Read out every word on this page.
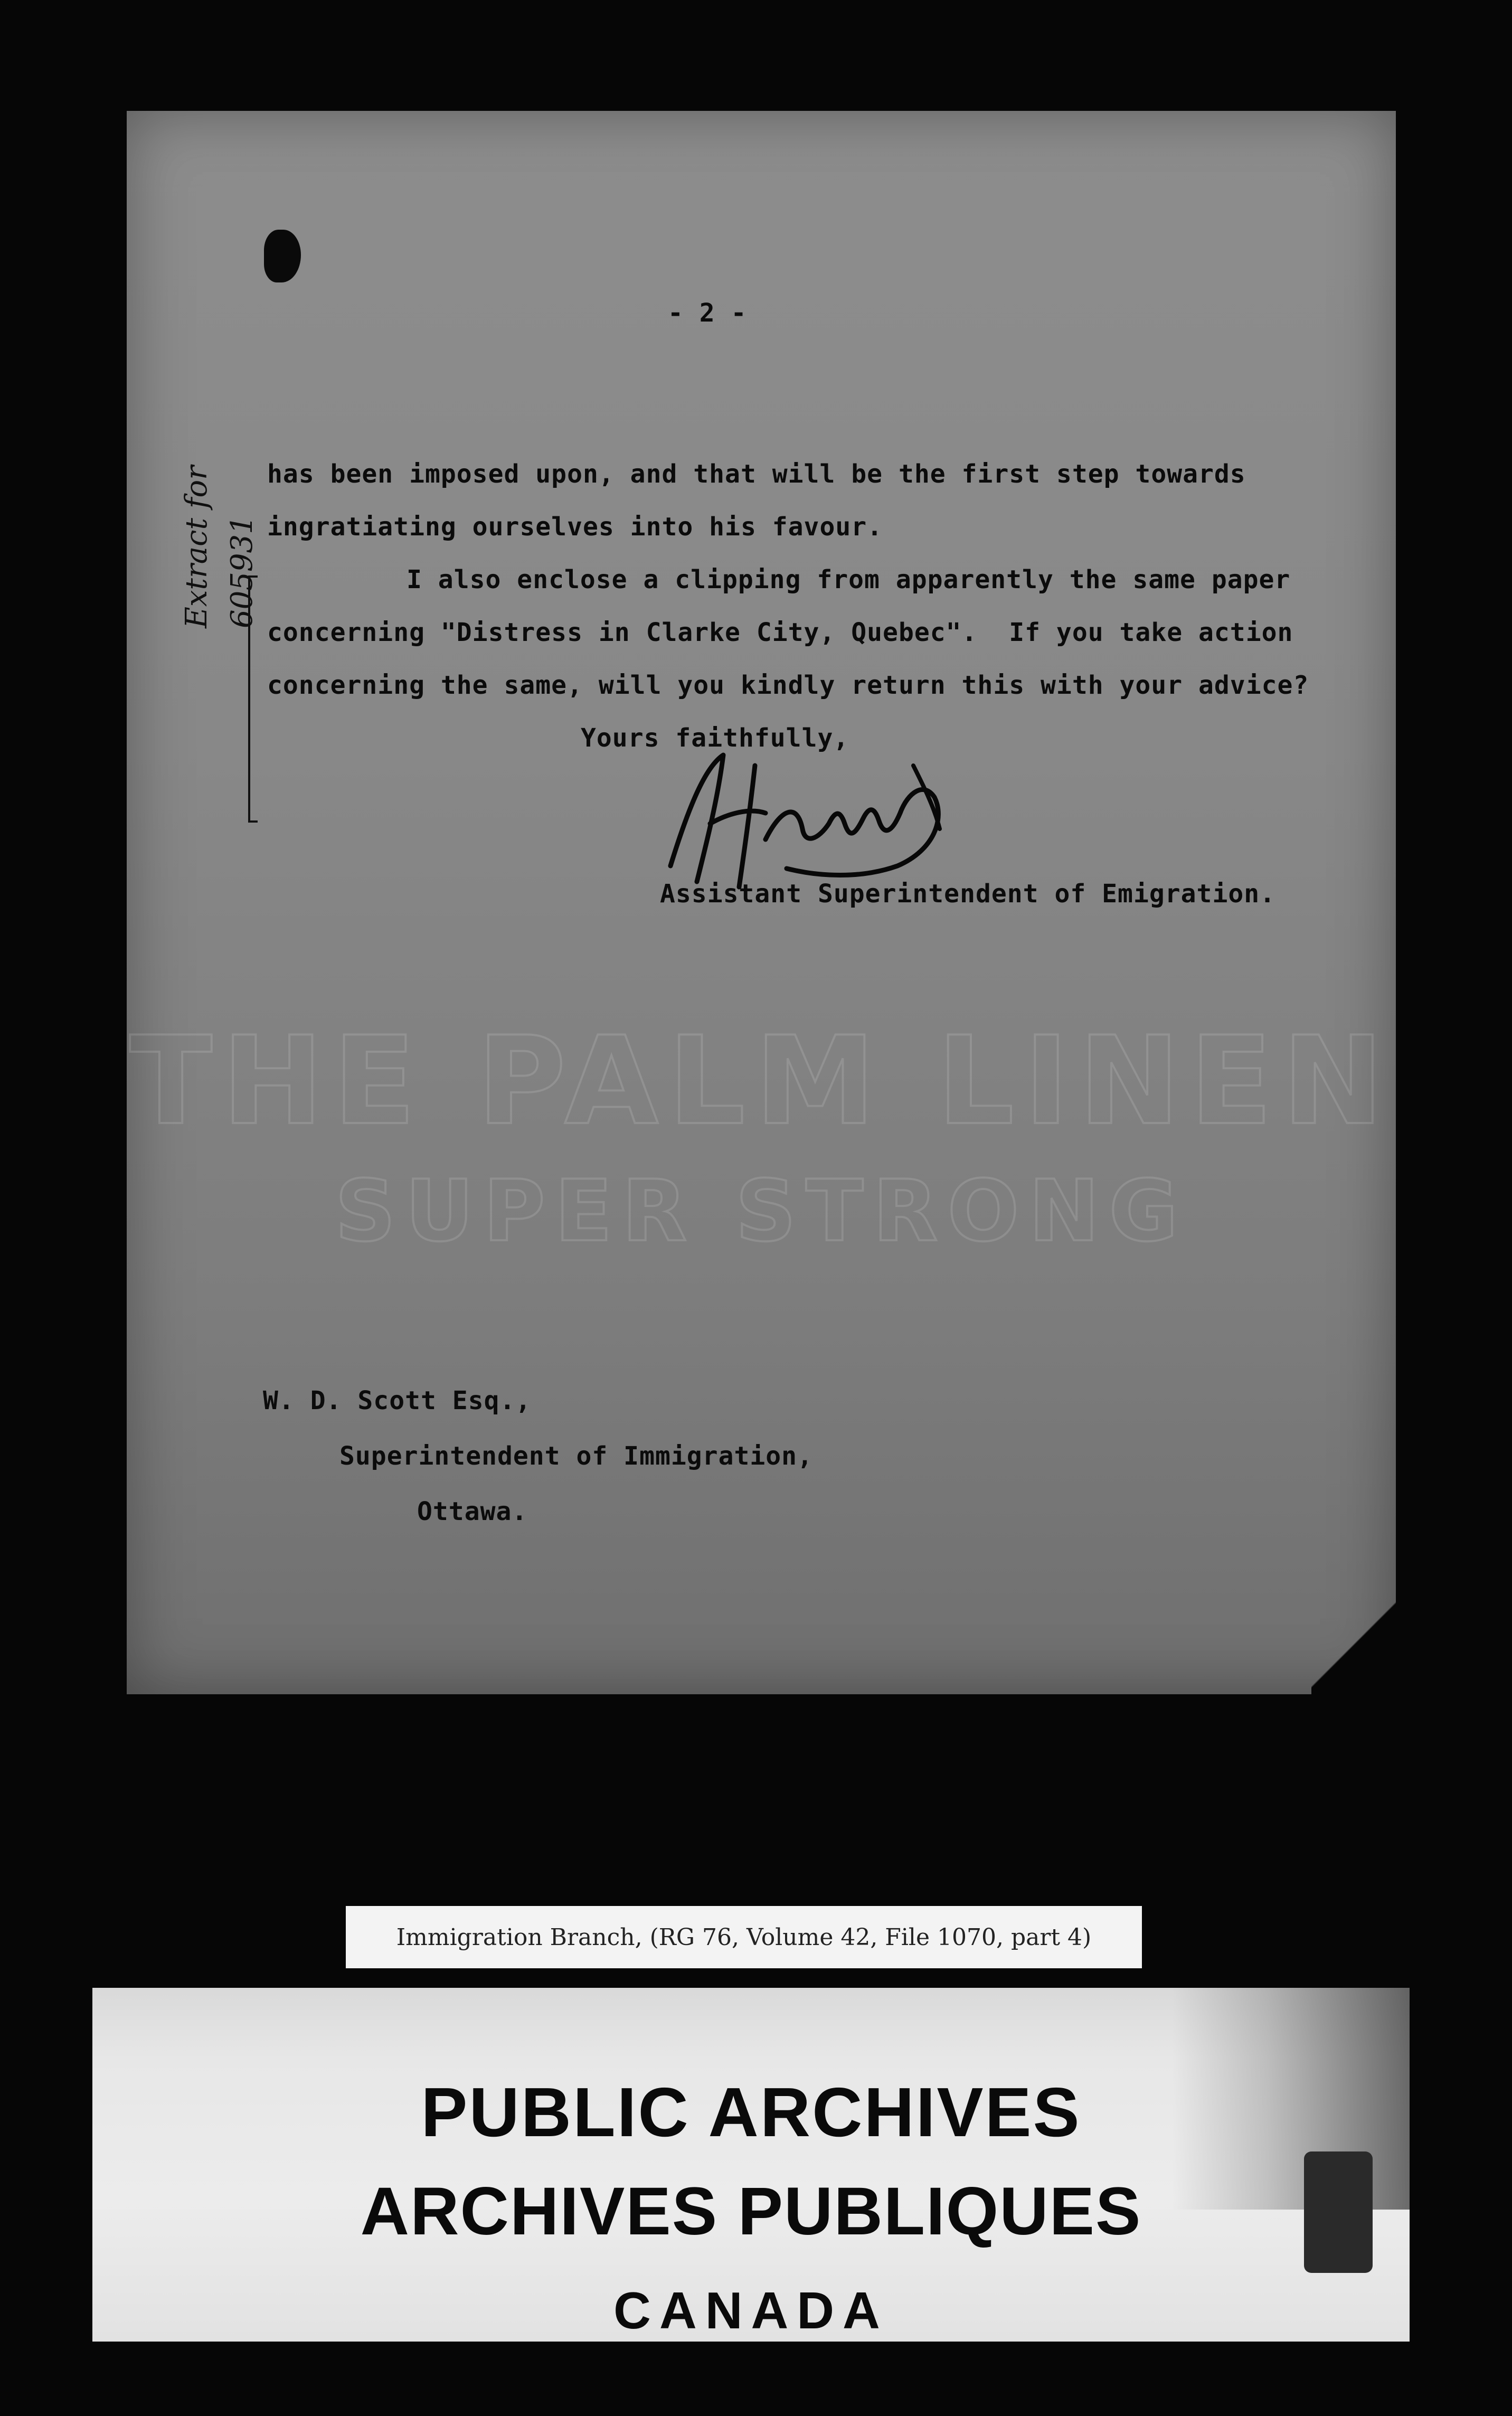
THE PALM LINEN
SUPER STRONG
- 2 -
has been imposed upon, and that will be the first step towards
ingratiating ourselves into his favour.
I also enclose a clipping from apparently the same paper
concerning "Distress in Clarke City, Quebec".  If you take action
concerning the same, will you kindly return this with your advice?
Extract for 605931
Yours faithfully,
Assistant Superintendent of Emigration.
W. D. Scott Esq.,
Superintendent of Immigration,
Ottawa.
Immigration Branch, (RG 76, Volume 42, File 1070, part 4)
PUBLIC ARCHIVES
ARCHIVES PUBLIQUES
CANADA
